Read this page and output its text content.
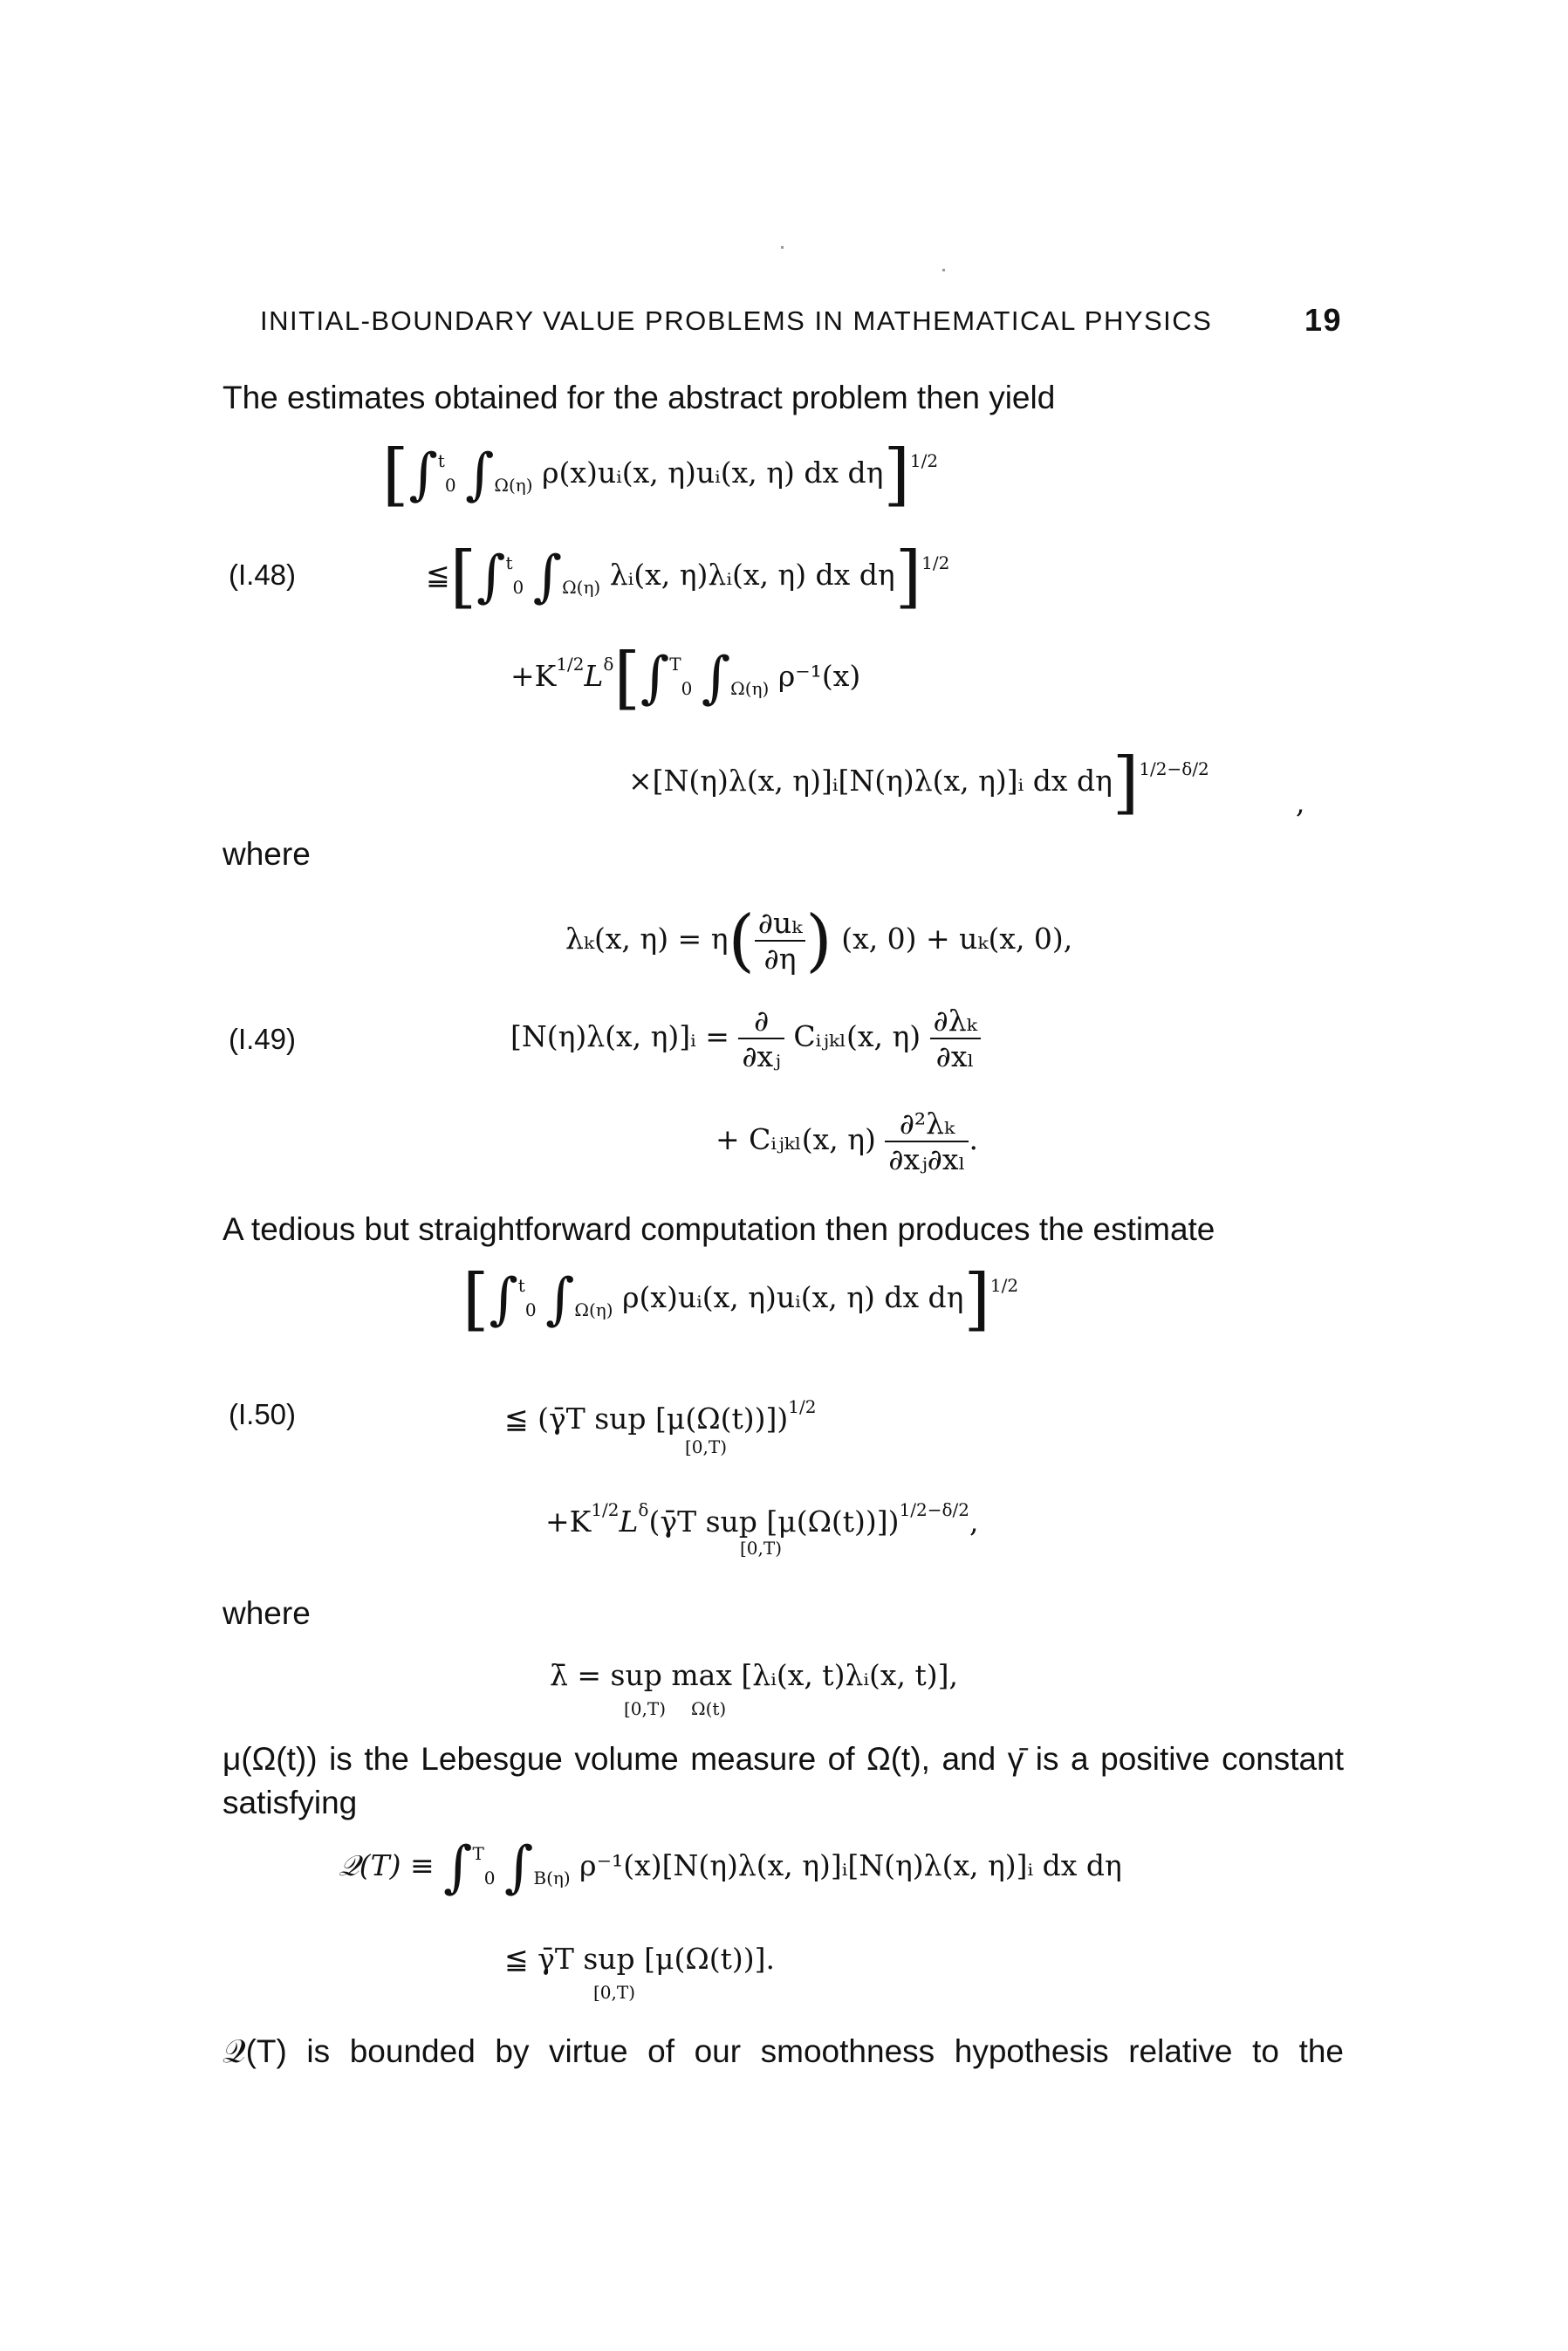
INITIAL-BOUNDARY VALUE PROBLEMS IN MATHEMATICAL PHYSICS	19
The estimates obtained for the abstract problem then yield
[∫$^t_0$ $\int_{\Omega(\eta)}$ ρ(x)uᵢ(x, η)uᵢ(x, η) dx dη]$^{1/2}$
(I.48)	≦[∫$^t_0$ $\int_{\Omega(\eta)}$ λᵢ(x, η)λᵢ(x, η) dx dη]$^{1/2}$
$+K^{1/2}L^\delta[\int^T_0$ $\int_{\Omega(\eta)}$ ρ⁻¹(x)
×[N(η)λ(x, η)]ᵢ[N(η)λ(x, η)]ᵢ dx dη]$^{1/2-\delta/2}$
,
where
λₖ(x, $\eta) = \eta( \frac{\text{∂uₖ}}{\partial\eta}$ ) (x, 0) + uₖ(x, 0),
(I.49)	[N(η)λ(x, η)]ᵢ = $\frac{\partial}{\text{∂xⱼ}}$ Cᵢⱼₖₗ(x, $\eta) \frac{\text{∂λₖ}}{\text{∂xₗ}}$
+ Cᵢⱼₖₗ(x, $\eta) \frac{\text{∂²λₖ}}{\text{∂xⱼ∂xₗ}}$ .
A tedious but straightforward computation then produces the estimate
[∫$^t_0$ $\int_{\Omega(\eta)}$ ρ(x)uᵢ(x, η)uᵢ(x, η) dx dη]$^{1/2}$
(I.50)	≦ (γ̄T sup [μ(Ω(t))])$^{1/2}$
[0,T)
$+K^{1/2}L^\delta(\gammāT$ sup [μ(Ω(t))])$^{1/2-\delta/2}$,
[0,T)
where
λ̄ = sup max [λᵢ(x, t)λᵢ(x, t)],
[0,T) Ω(t)
μ(Ω(t)) is the Lebesgue volume measure of Ω(t), and γ̄ is a positive constant
satisfying
𝒬(T) ≡ ∫$^T_0$ $\int_{B(\eta)}$ ρ⁻¹(x)[N(η)λ(x, η)]ᵢ[N(η)λ(x, η)]ᵢ dx dη
≦ γ̄T sup [μ(Ω(t))].
[0,T)
𝒬(T) is bounded by virtue of our smoothness hypothesis relative to the
